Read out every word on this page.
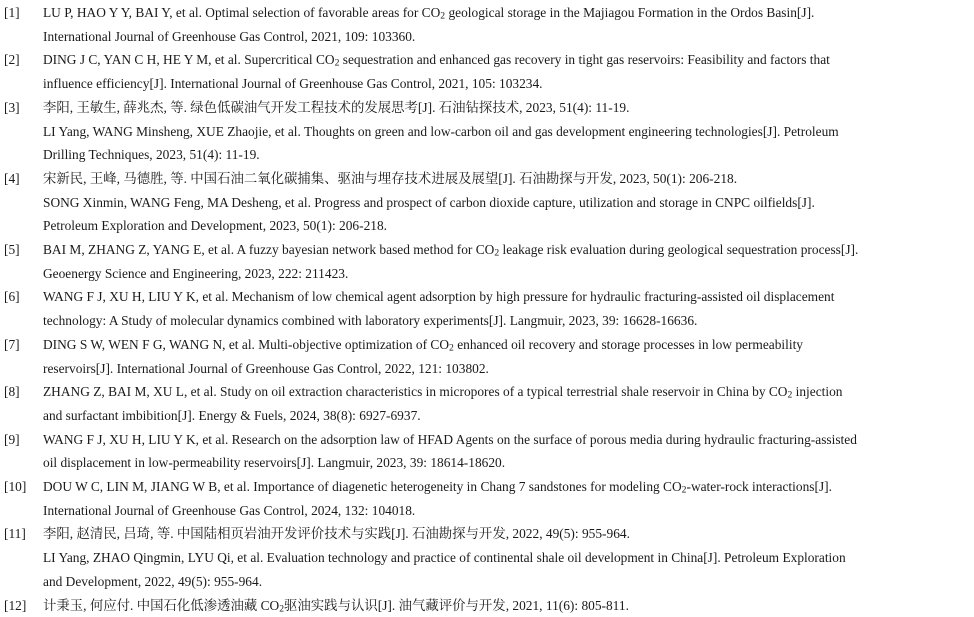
[1] LU P, HAO Y Y, BAI Y, et al. Optimal selection of favorable areas for $CO_2$ geological storage in the Majiagou Formation in the Ordos Basin[J].
International Journal of Greenhouse Gas Control, 2021, 109: 103360.
[2] DING J C, YAN C H, HE Y M, et al. Supercritical $CO_2$ sequestration and enhanced gas recovery in tight gas reservoirs: Feasibility and factors that
influence efficiency[J]. International Journal of Greenhouse Gas Control, 2021, 105: 103234.
[3] 李阳, 王敏生, 薛兆杰, 等. 绿色低碳油气开发工程技术的发展思考[J]. 石油钻探技术, 2023, 51(4): 11-19.
LI Yang, WANG Minsheng, XUE Zhaojie, et al. Thoughts on green and low-carbon oil and gas development engineering technologies[J]. Petroleum
Drilling Techniques, 2023, 51(4): 11-19.
[4] 宋新民, 王峰, 马德胜, 等. 中国石油二氧化碳捕集、驱油与埋存技术进展及展望[J]. 石油勘探与开发, 2023, 50(1): 206-218.
SONG Xinmin, WANG Feng, MA Desheng, et al. Progress and prospect of carbon dioxide capture, utilization and storage in CNPC oilfields[J].
Petroleum Exploration and Development, 2023, 50(1): 206-218.
[5] BAI M, ZHANG Z, YANG E, et al. A fuzzy bayesian network based method for $CO_2$ leakage risk evaluation during geological sequestration process[J].
Geoenergy Science and Engineering, 2023, 222: 211423.
[6] WANG F J, XU H, LIU Y K, et al. Mechanism of low chemical agent adsorption by high pressure for hydraulic fracturing-assisted oil displacement
technology: A Study of molecular dynamics combined with laboratory experiments[J]. Langmuir, 2023, 39: 16628-16636.
[7] DING S W, WEN F G, WANG N, et al. Multi-objective optimization of $CO_2$ enhanced oil recovery and storage processes in low permeability
reservoirs[J]. International Journal of Greenhouse Gas Control, 2022, 121: 103802.
[8] ZHANG Z, BAI M, XU L, et al. Study on oil extraction characteristics in micropores of a typical terrestrial shale reservoir in China by $CO_2$ injection
and surfactant imbibition[J]. Energy & Fuels, 2024, 38(8): 6927-6937.
[9] WANG F J, XU H, LIU Y K, et al. Research on the adsorption law of HFAD Agents on the surface of porous media during hydraulic fracturing-assisted
oil displacement in low-permeability reservoirs[J]. Langmuir, 2023, 39: 18614-18620.
[10] DOU W C, LIN M, JIANG W B, et al. Importance of diagenetic heterogeneity in Chang 7 sandstones for modeling $CO_2-water$-rock interactions[J].
International Journal of Greenhouse Gas Control, 2024, 132: 104018.
[11] 李阳, 赵清民, 吕琦, 等. 中国陆相页岩油开发评价技术与实践[J]. 石油勘探与开发, 2022, 49(5): 955-964.
LI Yang, ZHAO Qingmin, LYU Qi, et al. Evaluation technology and practice of continental shale oil development in China[J]. Petroleum Exploration
and Development, 2022, 49(5): 955-964.
[12] 计秉玉, 何应付. 中国石化低渗透油藏 $CO_2$驱油实践与认识[J]. 油气藏评价与开发, 2021, 11(6): 805-811.
